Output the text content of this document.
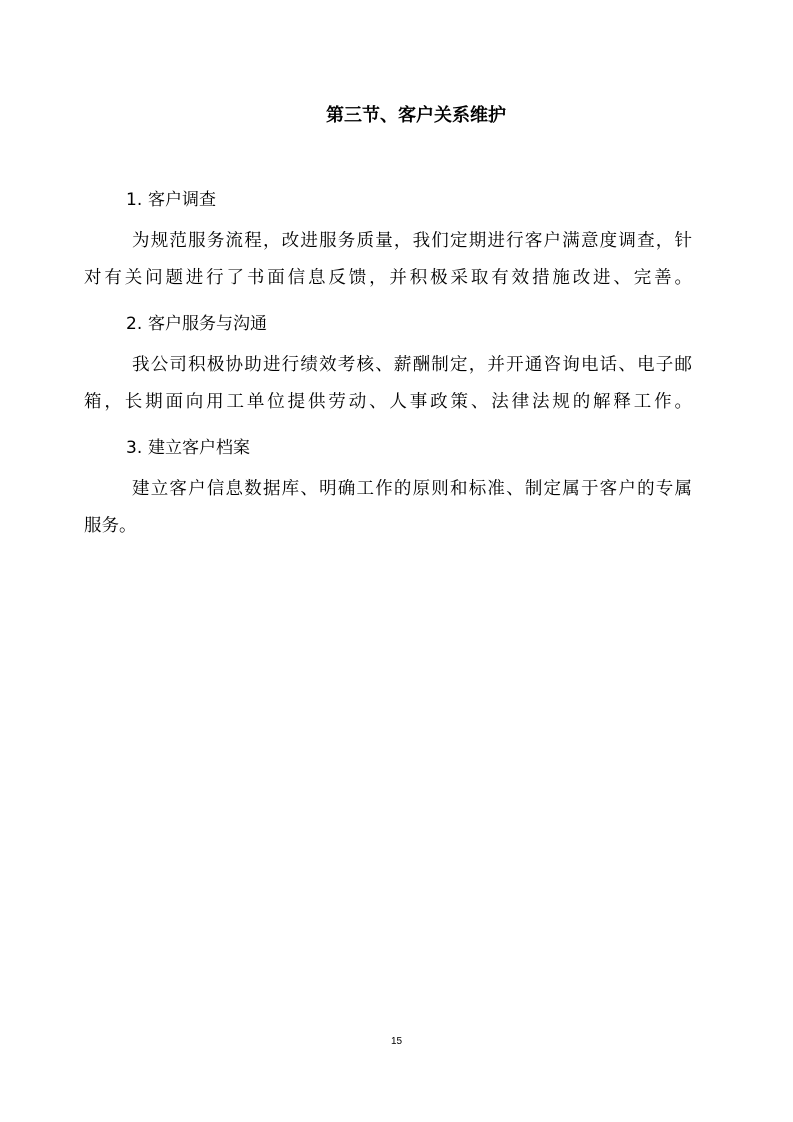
第三节、客户关系维护
1. 客户调查
为规范服务流程，改进服务质量，我们定期进行客户满意度调查，针
对有关问题进行了书面信息反馈，并积极采取有效措施改进、完善。
2. 客户服务与沟通
我公司积极协助进行绩效考核、薪酬制定，并开通咨询电话、电子邮
箱，长期面向用工单位提供劳动、人事政策、法律法规的解释工作。
3. 建立客户档案
建立客户信息数据库、明确工作的原则和标准、制定属于客户的专属
服务。
15
